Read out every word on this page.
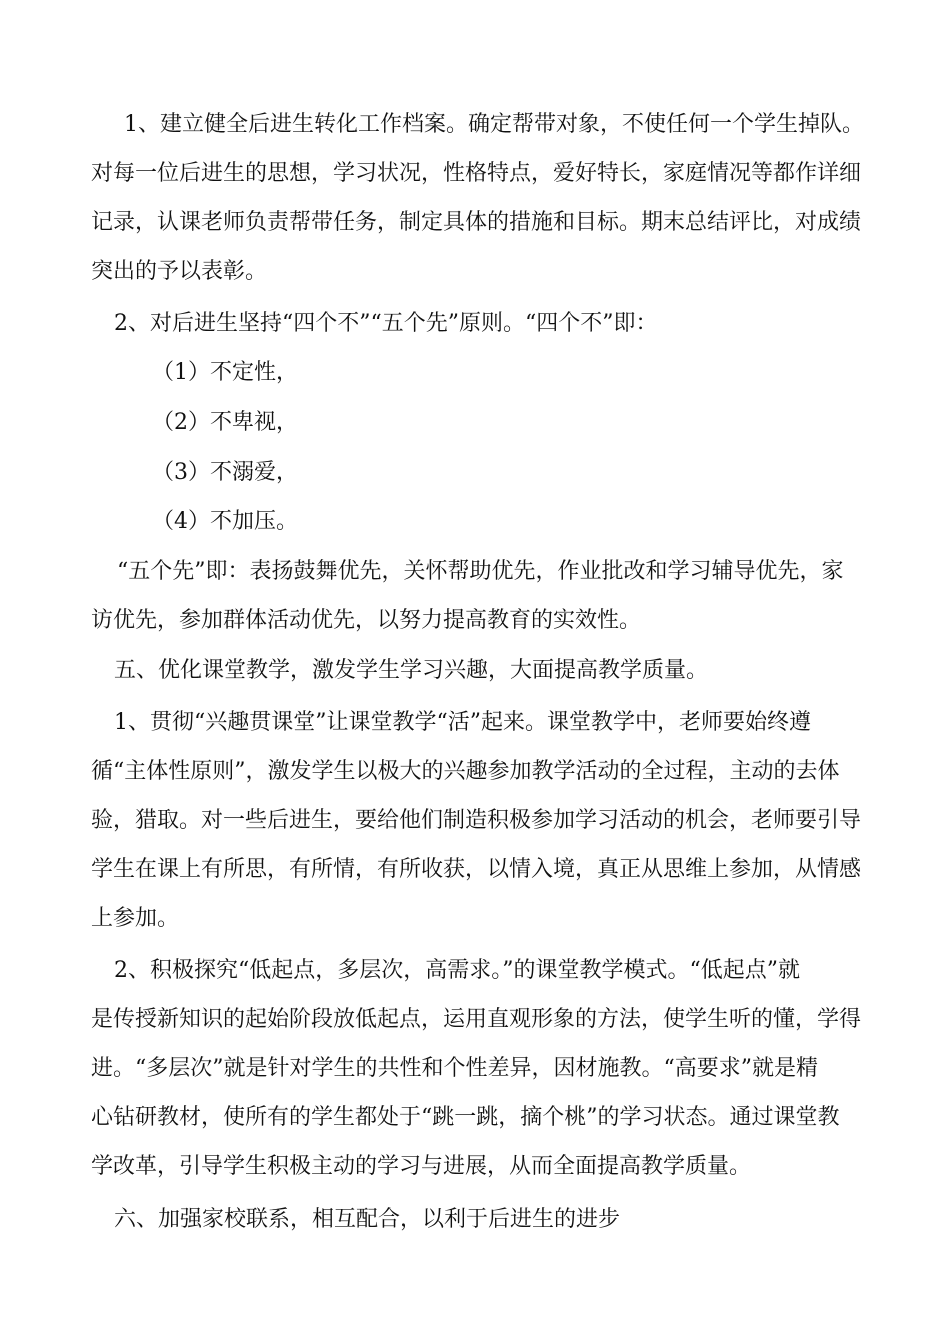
1、建立健全后进生转化工作档案。确定帮带对象，不使任何一个学生掉队。
对每一位后进生的思想，学习状况，性格特点，爱好特长，家庭情况等都作详细
记录，认课老师负责帮带任务，制定具体的措施和目标。期末总结评比，对成绩
突出的予以表彰。
2、对后进生坚持“四个不”“五个先”原则。“四个不”即：
（1）不定性，
（2）不卑视，
（3）不溺爱，
（4）不加压。
“五个先”即：表扬鼓舞优先，关怀帮助优先，作业批改和学习辅导优先，家
访优先，参加群体活动优先，以努力提高教育的实效性。
五、优化课堂教学，激发学生学习兴趣，大面提高教学质量。
1、贯彻“兴趣贯课堂”让课堂教学“活”起来。课堂教学中，老师要始终遵
循“主体性原则”，激发学生以极大的兴趣参加教学活动的全过程，主动的去体
验，猎取。对一些后进生，要给他们制造积极参加学习活动的机会，老师要引导
学生在课上有所思，有所情，有所收获，以情入境，真正从思维上参加，从情感
上参加。
2、积极探究“低起点，多层次，高需求。”的课堂教学模式。“低起点”就
是传授新知识的起始阶段放低起点，运用直观形象的方法，使学生听的懂，学得
进。“多层次”就是针对学生的共性和个性差异，因材施教。“高要求”就是精
心钻研教材，使所有的学生都处于“跳一跳，摘个桃”的学习状态。通过课堂教
学改革，引导学生积极主动的学习与进展，从而全面提高教学质量。
六、加强家校联系，相互配合，以利于后进生的进步
